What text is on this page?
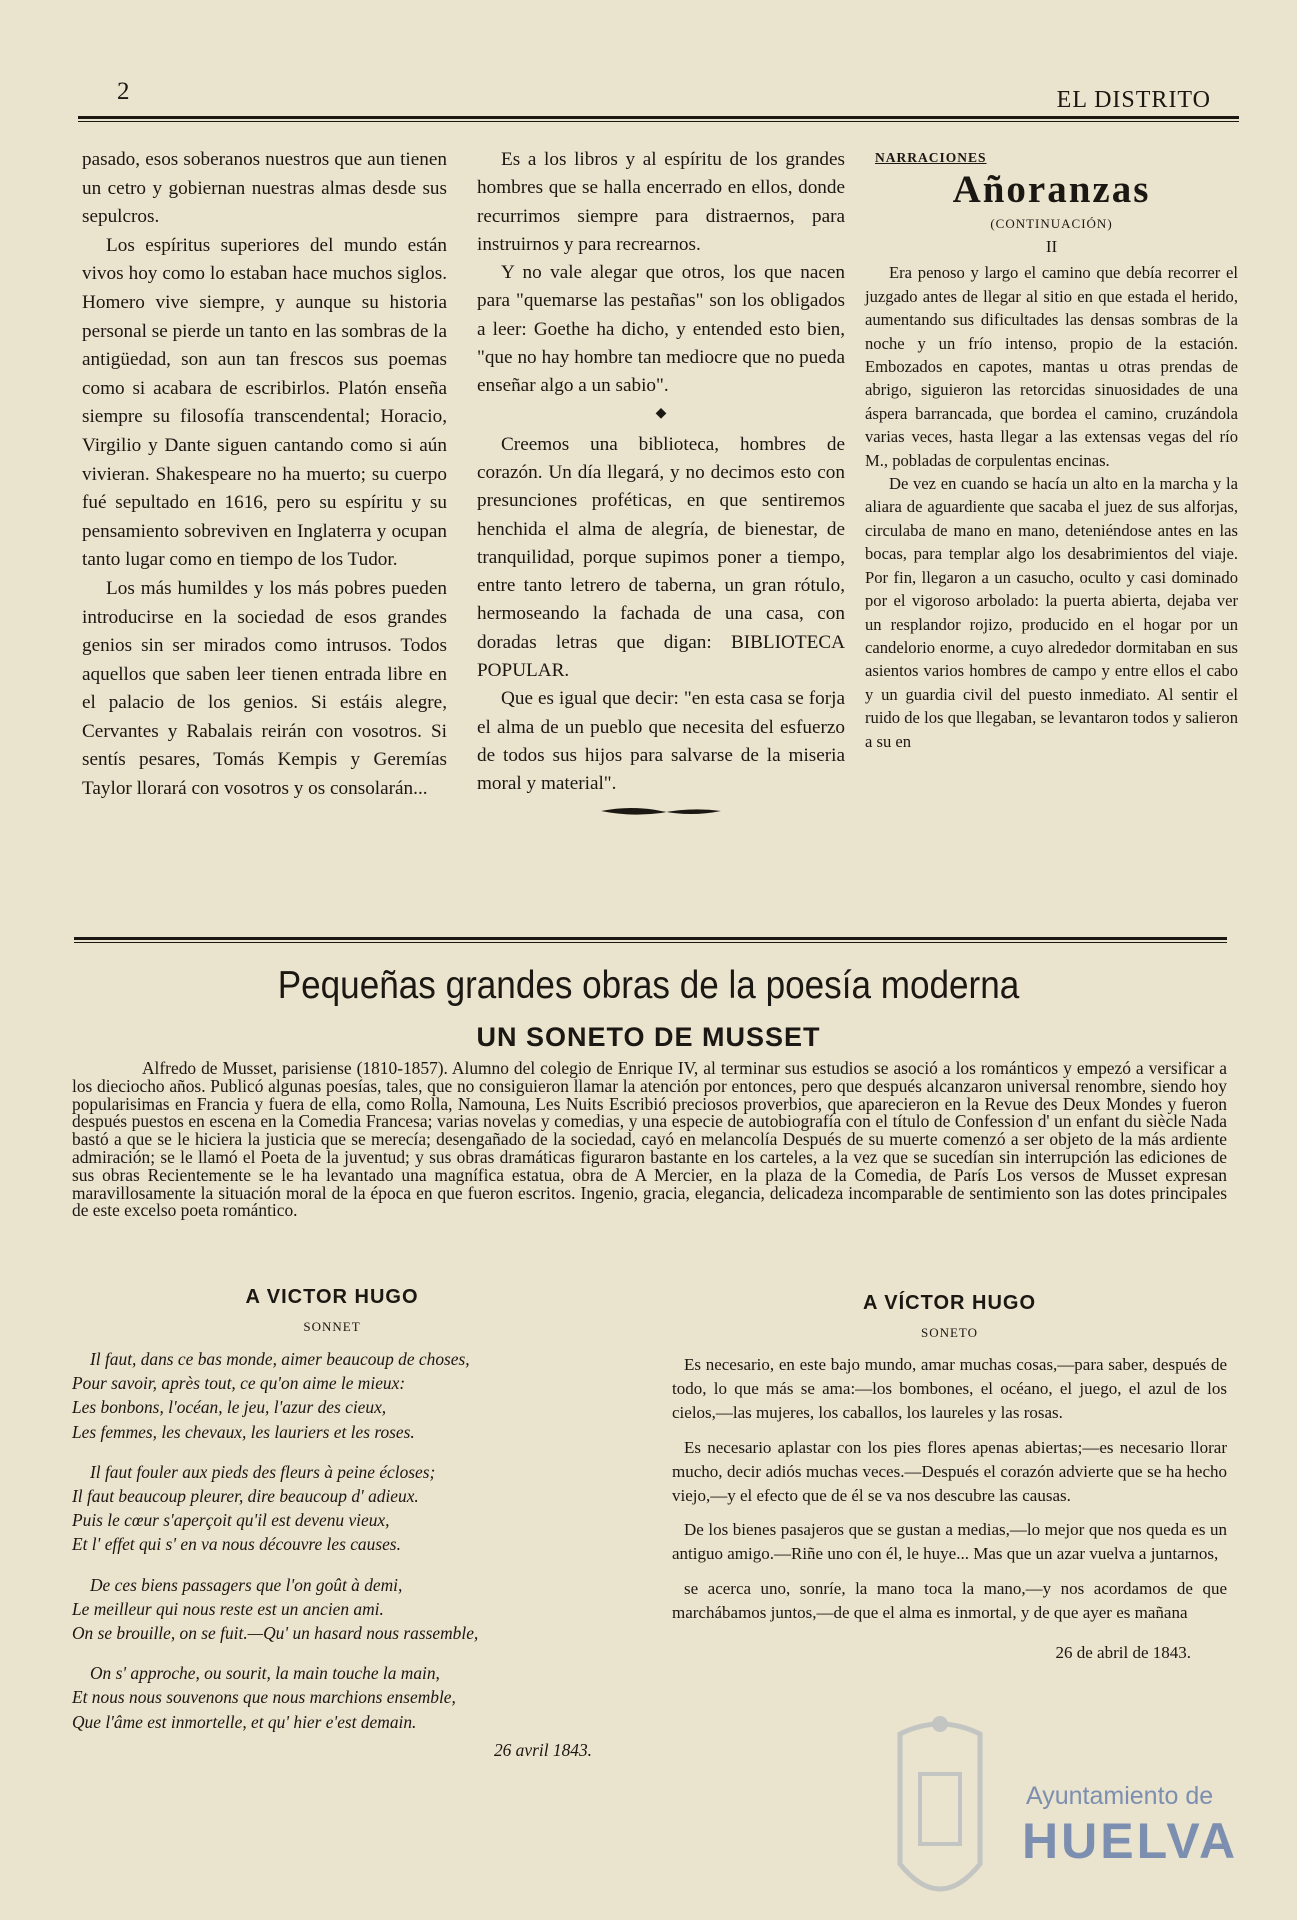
2	EL DISTRITO

pasado, esos soberanos nuestros que aun tienen un cetro y gobiernan nuestras almas desde sus sepulcros.

Los espíritus superiores del mundo están vivos hoy como lo estaban hace muchos siglos. Homero vive siempre, y aunque su historia personal se pierde un tanto en las sombras de la antigüedad, son aun tan frescos sus poemas como si acabara de escribirlos. Platón enseña siempre su filosofía transcendental; Horacio, Virgilio y Dante siguen cantando como si aún vivieran. Shakespeare no ha muerto; su cuerpo fué sepultado en 1616, pero su espíritu y su pensamiento sobreviven en Inglaterra y ocupan tanto lugar como en tiempo de los Tudor.

Los más humildes y los más pobres pueden introducirse en la sociedad de esos grandes genios sin ser mirados como intrusos. Todos aquellos que saben leer tienen entrada libre en el palacio de los genios. Si estáis alegre, Cervantes y Rabalais reirán con vosotros. Si sentís pesares, Tomás Kempis y Geremías Taylor llorará con vosotros y os consolarán...

Es a los libros y al espíritu de los grandes hombres que se halla encerrado en ellos, donde recurrimos siempre para distraernos, para instruirnos y para recrearnos.

Y no vale alegar que otros, los que nacen para "quemarse las pestañas" son los obligados a leer: Goethe ha dicho, y entended esto bien, "que no hay hombre tan mediocre que no pueda enseñar algo a un sabio".

◆

Creemos una biblioteca, hombres de corazón. Un día llegará, y no decimos esto con presunciones proféticas, en que sentiremos henchida el alma de alegría, de bienestar, de tranquilidad, porque supimos poner a tiempo, entre tanto letrero de taberna, un gran rótulo, hermoseando la fachada de una casa, con doradas letras que digan: BIBLIOTECA POPULAR.

Que es igual que decir: "en esta casa se forja el alma de un pueblo que necesita del esfuerzo de todos sus hijos para salvarse de la miseria moral y material".

NARRACIONES
Añoranzas
(CONTINUACIÓN)
II

Era penoso y largo el camino que debía recorrer el juzgado antes de llegar al sitio en que estada el herido, aumentando sus dificultades las densas sombras de la noche y un frío intenso, propio de la estación. Embozados en capotes, mantas u otras prendas de abrigo, siguieron las retorcidas sinuosidades de una áspera barrancada, que bordea el camino, cruzándola varias veces, hasta llegar a las extensas vegas del río M., pobladas de corpulentas encinas.

De vez en cuando se hacía un alto en la marcha y la aliara de aguardiente que sacaba el juez de sus alforjas, circulaba de mano en mano, deteniéndose antes en las bocas, para templar algo los desabrimientos del viaje. Por fin, llegaron a un casucho, oculto y casi dominado por el vigoroso arbolado: la puerta abierta, dejaba ver un resplandor rojizo, producido en el hogar por un candelorio enorme, a cuyo alrededor dormitaban en sus asientos varios hombres de campo y entre ellos el cabo y un guardia civil del puesto inmediato. Al sentir el ruido de los que llegaban, se levantaron todos y salieron a su en

Pequeñas grandes obras de la poesía moderna
UN SONETO DE MUSSET

Alfredo de Musset, parisiense (1810-1857). Alumno del colegio de Enrique IV, al terminar sus estudios se asoció a los románticos y empezó a versificar a los dieciocho años. Publicó algunas poesías, tales, que no consiguieron llamar la atención por entonces, pero que después alcanzaron universal renombre, siendo hoy popularisimas en Francia y fuera de ella, como Rolla, Namouna, Les Nuits Escribió preciosos proverbios, que aparecieron en la Revue des Deux Mondes y fueron después puestos en escena en la Comedia Francesa; varias novelas y comedias, y una especie de autobiografía con el título de Confession d' un enfant du siècle Nada bastó a que se le hiciera la justicia que se merecía; desengañado de la sociedad, cayó en melancolía Después de su muerte comenzó a ser objeto de la más ardiente admiración; se le llamó el Poeta de la juventud; y sus obras dramáticas figuraron bastante en los carteles, a la vez que se sucedían sin interrupción las ediciones de sus obras Recientemente se le ha levantado una magnífica estatua, obra de A Mercier, en la plaza de la Comedia, de París Los versos de Musset expresan maravillosamente la situación moral de la época en que fueron escritos. Ingenio, gracia, elegancia, delicadeza incomparable de sentimiento son las dotes principales de este excelso poeta romántico.

A VICTOR HUGO
SONNET
Il faut, dans ce bas monde, aimer beaucoup de choses,
Pour savoir, après tout, ce qu'on aime le mieux:
Les bonbons, l'océan, le jeu, l'azur des cieux,
Les femmes, les chevaux, les lauriers et les roses.
Il faut fouler aux pieds des fleurs à peine écloses;
Il faut beaucoup pleurer, dire beaucoup d' adieux.
Puis le cœur s'aperçoit qu'il est devenu vieux,
Et l' effet qui s' en va nous découvre les causes.
De ces biens passagers que l'on goût à demi,
Le meilleur qui nous reste est un ancien ami.
On se brouille, on se fuit.—Qu' un hasard nous rassemble,
On s' approche, ou sourit, la main touche la main,
Et nous nous souvenons que nous marchions ensemble,
Que l'âme est inmortelle, et qu' hier e'est demain.
26 avril 1843.
A VÍCTOR HUGO
SONETO

Es necesario, en este bajo mundo, amar muchas cosas,—para saber, después de todo, lo que más se ama:—los bombones, el océano, el juego, el azul de los cielos,—las mujeres, los caballos, los laureles y las rosas.

Es necesario aplastar con los pies flores apenas abiertas;—es necesario llorar mucho, decir adiós muchas veces.—Después el corazón advierte que se ha hecho viejo,—y el efecto que de él se va nos descubre las causas.

De los bienes pasajeros que se gustan a medias,—lo mejor que nos queda es un antiguo amigo.—Riñe uno con él, le huye... Mas que un azar vuelva a juntarnos,

se acerca uno, sonríe, la mano toca la mano,—y nos acordamos de que marchábamos juntos,—de que el alma es inmortal, y de que ayer es mañana

26 de abril de 1843.
Ayuntamiento de
HUELVA
